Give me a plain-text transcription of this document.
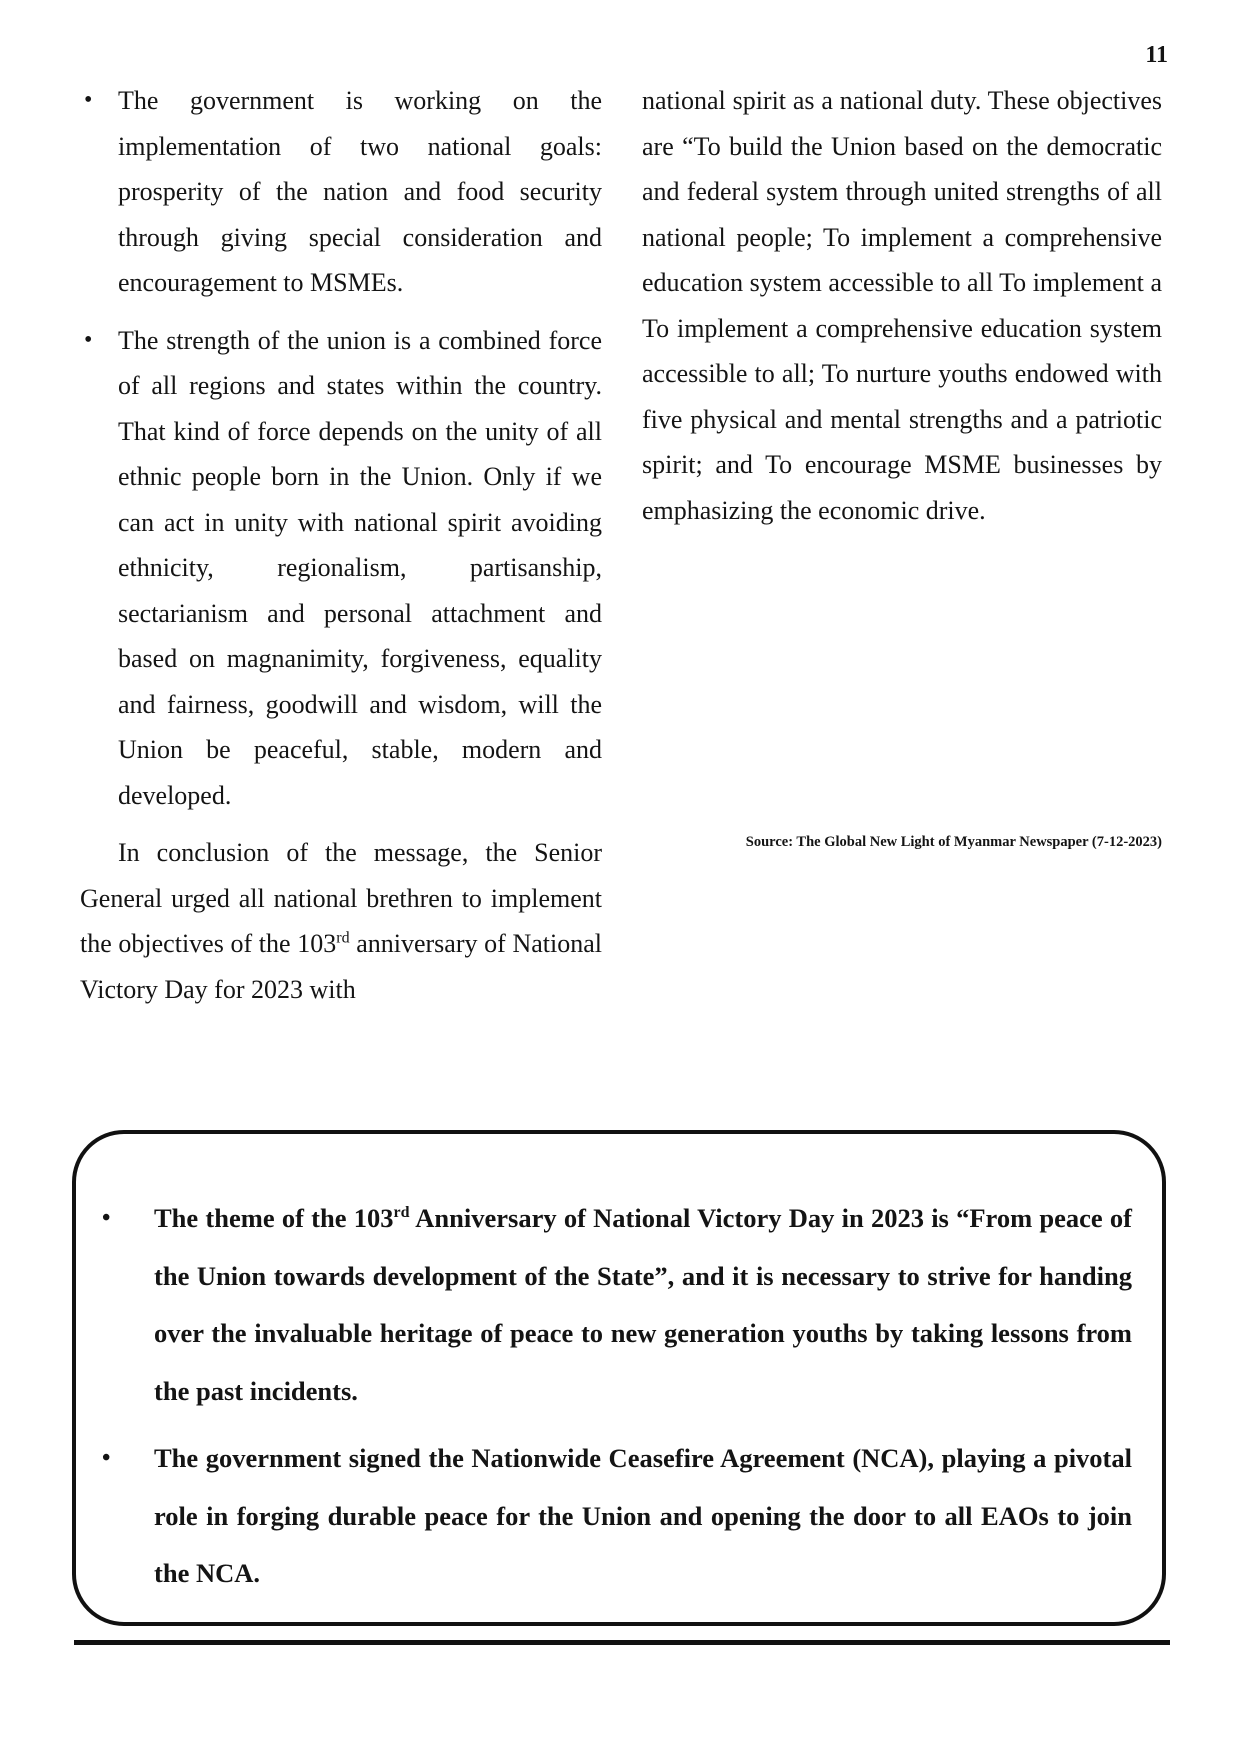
11
• The government is working on the implementation of two national goals: prosperity of the nation and food security through giving special consideration and encouragement to MSMEs.
• The strength of the union is a combined force of all regions and states within the country. That kind of force depends on the unity of all ethnic people born in the Union. Only if we can act in unity with national spirit avoiding ethnicity, regionalism, partisanship, sectarianism and personal attachment and based on magnanimity, forgiveness, equality and fairness, goodwill and wisdom, will the Union be peaceful, stable, modern and developed.

In conclusion of the message, the Senior General urged all national brethren to implement the objectives of the 103rd anniversary of National Victory Day for 2023 with

national spirit as a national duty. These objectives are “To build the Union based on the democratic and federal system through united strengths of all national people; To implement a comprehensive education system accessible to all To implement a To implement a comprehensive education system accessible to all; To nurture youths endowed with five physical and mental strengths and a patriotic spirit; and To encourage MSME businesses by emphasizing the economic drive.

Source: The Global New Light of Myanmar Newspaper (7-12-2023)
• The theme of the 103rd Anniversary of National Victory Day in 2023 is “From peace of the Union towards development of the State”, and it is necessary to strive for handing over the invaluable heritage of peace to new generation youths by taking lessons from the past incidents.
• The government signed the Nationwide Ceasefire Agreement (NCA), playing a pivotal role in forging durable peace for the Union and opening the door to all EAOs to join the NCA.
